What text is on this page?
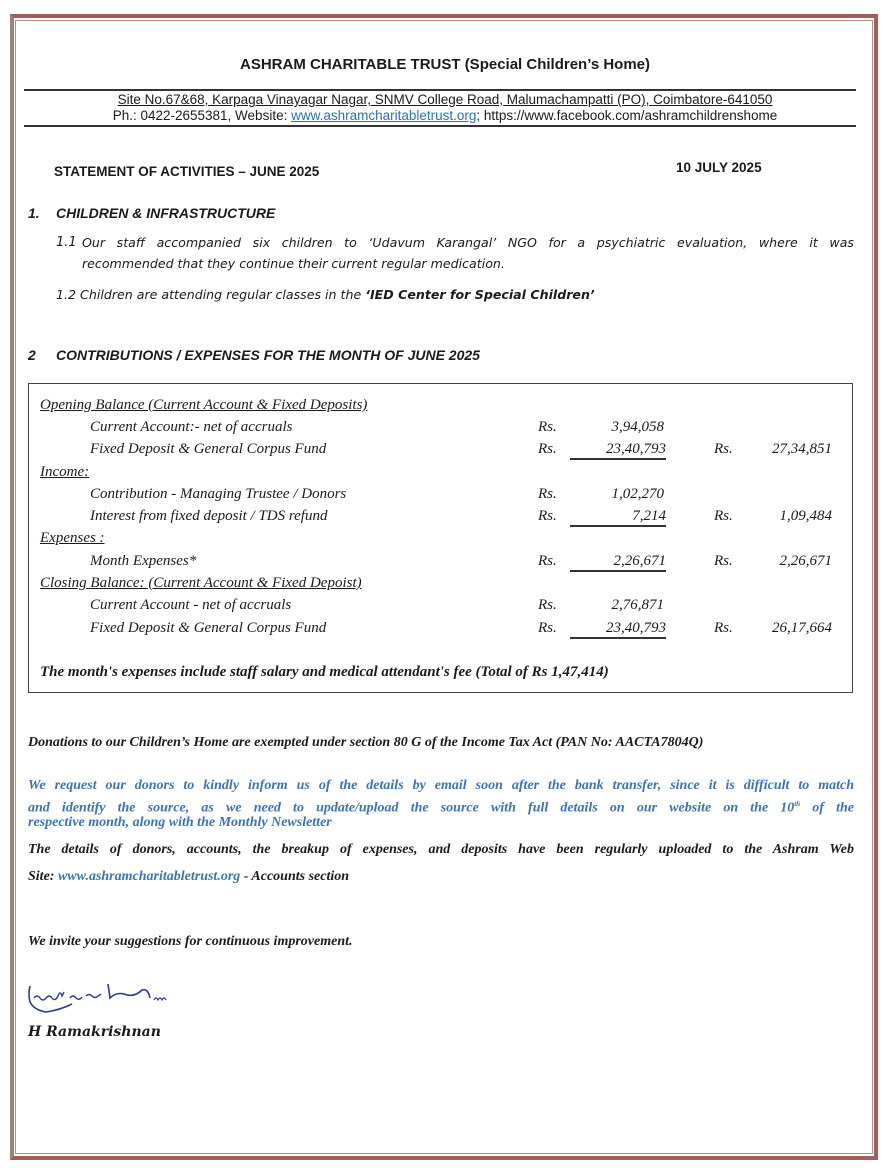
ASHRAM CHARITABLE TRUST (Special Children’s Home)
Site No.67&68, Karpaga Vinayagar Nagar, SNMV College Road, Malumachampatti (PO), Coimbatore-641050
Ph.: 0422-2655381, Website: www.ashramcharitabletrust.org; https://www.facebook.com/ashramchildrenshome
STATEMENT OF ACTIVITIES – JUNE 2025	10 JULY 2025
1. CHILDREN & INFRASTRUCTURE
1.1 Our staff accompanied six children to ‘Udavum Karangal’ NGO for a psychiatric evaluation, where it was
recommended that they continue their current regular medication.
1.2 Children are attending regular classes in the ‘IED Center for Special Children’
2 CONTRIBUTIONS / EXPENSES FOR THE MONTH OF JUNE 2025
Opening Balance (Current Account & Fixed Deposits)
Current Account:- net of accruals	Rs.	3,94,058
Fixed Deposit & General Corpus Fund	Rs.	23,40,793	Rs.	27,34,851
Income:
Contribution - Managing Trustee / Donors	Rs.	1,02,270
Interest from fixed deposit / TDS refund	Rs.	7,214	Rs.	1,09,484
Expenses :
Month Expenses*	Rs.	2,26,671	Rs.	2,26,671
Closing Balance: (Current Account & Fixed Depoist)
Current Account - net of accruals	Rs.	2,76,871
Fixed Deposit & General Corpus Fund	Rs.	23,40,793	Rs.	26,17,664
The month's expenses include staff salary and medical attendant's fee (Total of Rs 1,47,414)
Donations to our Children’s Home are exempted under section 80 G of the Income Tax Act (PAN No: AACTA7804Q)
We request our donors to kindly inform us of the details by email soon after the bank transfer, since it is difficult to match
and identify the source, as we need to update/upload the source with full details on our website on the 10th of the
respective month, along with the Monthly Newsletter
The details of donors, accounts, the breakup of expenses, and deposits have been regularly uploaded to the Ashram Web
Site: www.ashramcharitabletrust.org - Accounts section
We invite your suggestions for continuous improvement.
H Ramakrishnan
